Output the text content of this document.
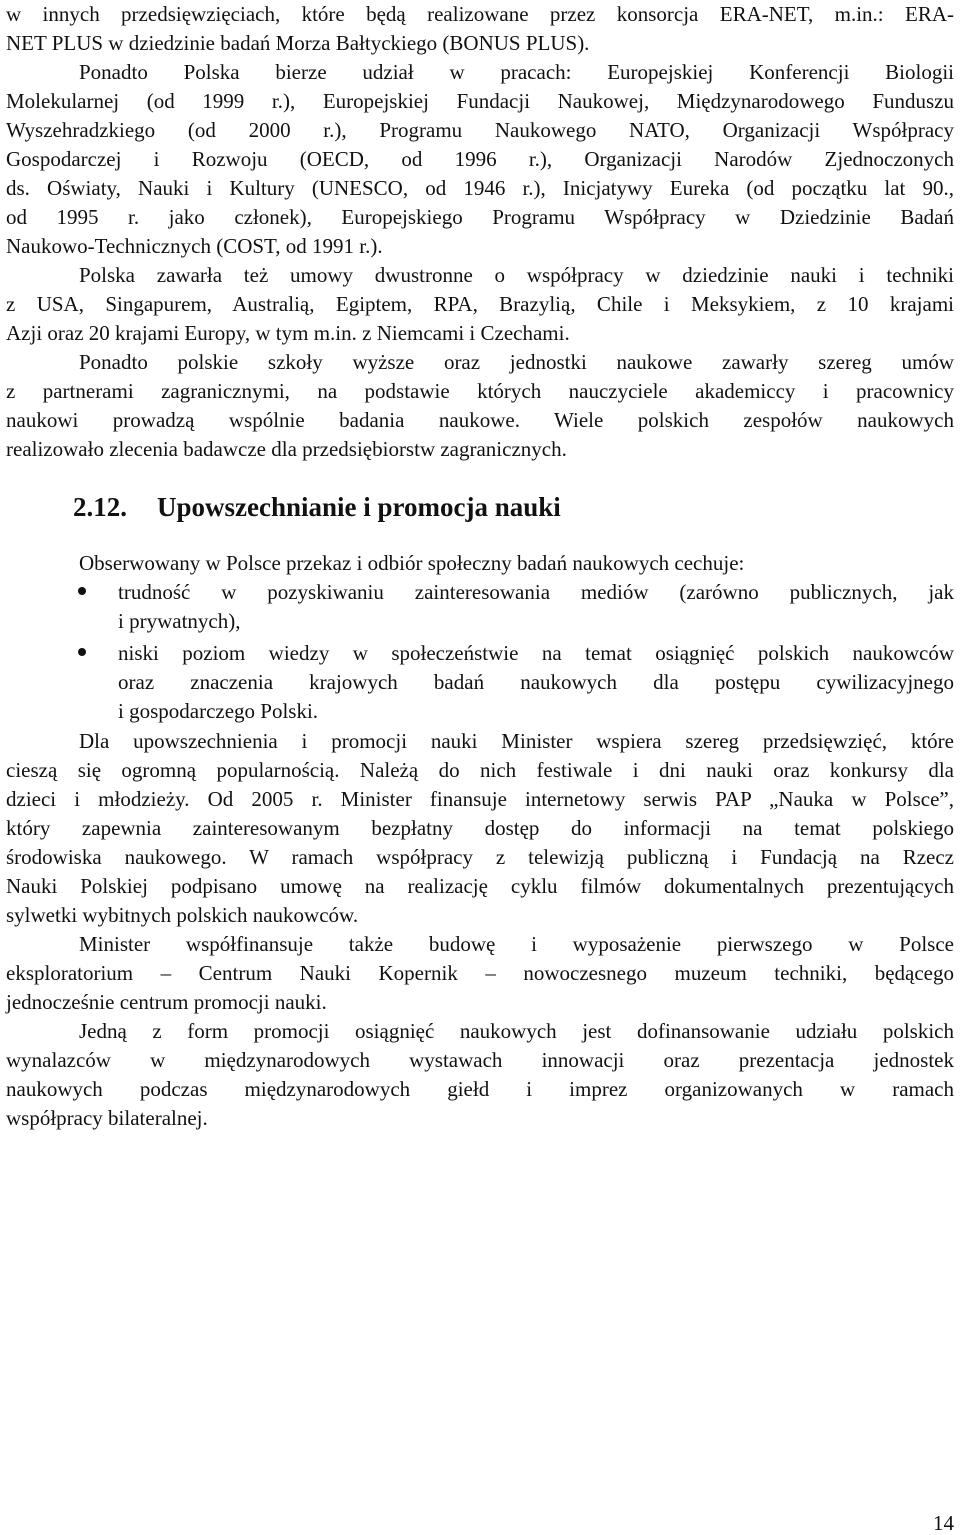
w innych przedsięwzięciach, które będą realizowane przez konsorcja ERA-NET, m.in.: ERA-
NET PLUS w dziedzinie badań Morza Bałtyckiego (BONUS PLUS).
Ponadto Polska bierze udział w pracach: Europejskiej Konferencji Biologii
Molekularnej (od 1999 r.), Europejskiej Fundacji Naukowej, Międzynarodowego Funduszu
Wyszehradzkiego (od 2000 r.), Programu Naukowego NATO, Organizacji Współpracy
Gospodarczej i Rozwoju (OECD, od 1996 r.), Organizacji Narodów Zjednoczonych
ds. Oświaty, Nauki i Kultury (UNESCO, od 1946 r.), Inicjatywy Eureka (od początku lat 90.,
od 1995 r. jako członek), Europejskiego Programu Współpracy w Dziedzinie Badań
Naukowo-Technicznych (COST, od 1991 r.).
Polska zawarła też umowy dwustronne o współpracy w dziedzinie nauki i techniki
z USA, Singapurem, Australią, Egiptem, RPA, Brazylią, Chile i Meksykiem, z 10 krajami
Azji oraz 20 krajami Europy, w tym m.in. z Niemcami i Czechami.
Ponadto polskie szkoły wyższe oraz jednostki naukowe zawarły szereg umów
z partnerami zagranicznymi, na podstawie których nauczyciele akademiccy i pracownicy
naukowi prowadzą wspólnie badania naukowe. Wiele polskich zespołów naukowych
realizowało zlecenia badawcze dla przedsiębiorstw zagranicznych.
2.12. Upowszechnianie i promocja nauki
Obserwowany w Polsce przekaz i odbiór społeczny badań naukowych cechuje:
trudność w pozyskiwaniu zainteresowania mediów (zarówno publicznych, jak
i prywatnych),
niski poziom wiedzy w społeczeństwie na temat osiągnięć polskich naukowców
oraz znaczenia krajowych badań naukowych dla postępu cywilizacyjnego
i gospodarczego Polski.
Dla upowszechnienia i promocji nauki Minister wspiera szereg przedsięwzięć, które
cieszą się ogromną popularnością. Należą do nich festiwale i dni nauki oraz konkursy dla
dzieci i młodzieży. Od 2005 r. Minister finansuje internetowy serwis PAP „Nauka w Polsce”,
który zapewnia zainteresowanym bezpłatny dostęp do informacji na temat polskiego
środowiska naukowego. W ramach współpracy z telewizją publiczną i Fundacją na Rzecz
Nauki Polskiej podpisano umowę na realizację cyklu filmów dokumentalnych prezentujących
sylwetki wybitnych polskich naukowców.
Minister współfinansuje także budowę i wyposażenie pierwszego w Polsce
eksploratorium – Centrum Nauki Kopernik – nowoczesnego muzeum techniki, będącego
jednocześnie centrum promocji nauki.
Jedną z form promocji osiągnięć naukowych jest dofinansowanie udziału polskich
wynalazców w międzynarodowych wystawach innowacji oraz prezentacja jednostek
naukowych podczas międzynarodowych giełd i imprez organizowanych w ramach
współpracy bilateralnej.
14
